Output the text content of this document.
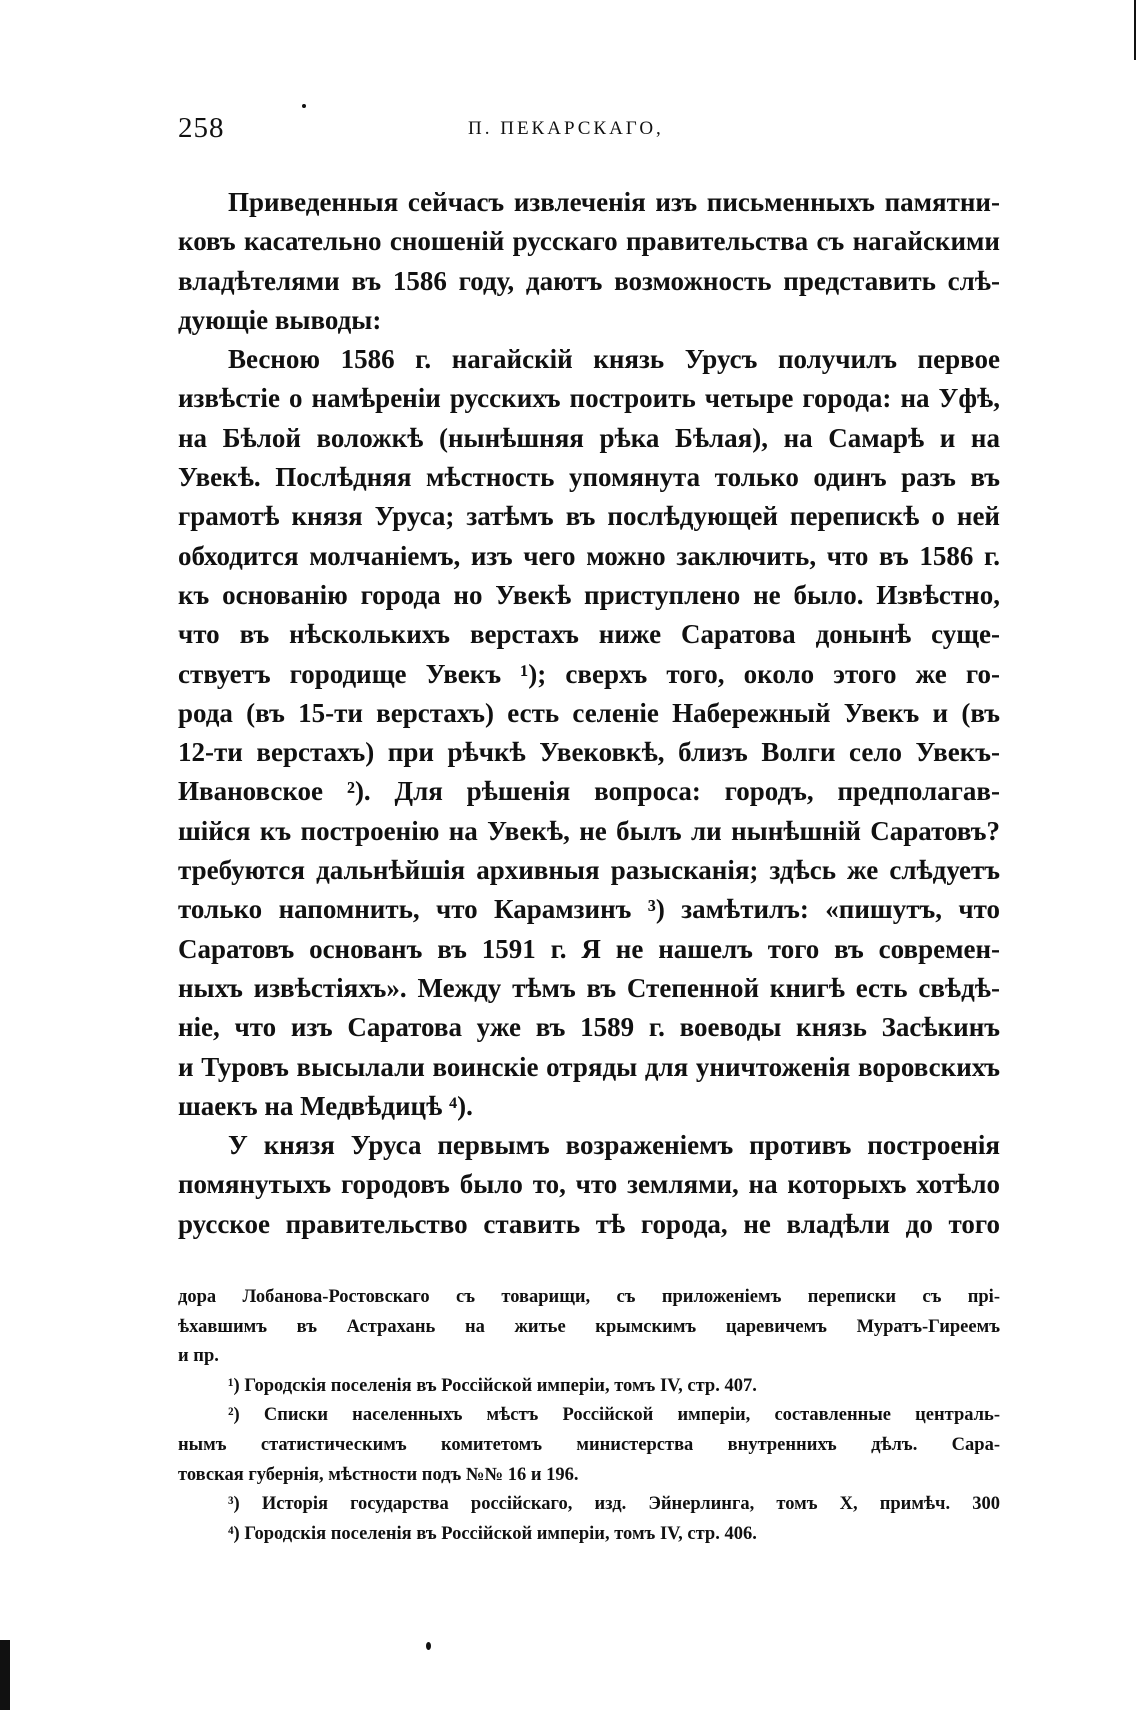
258	П. ПЕКАРСКАГО,
Приведенныя сейчасъ извлеченія изъ письменныхъ памятни-
ковъ касательно сношеній русскаго правительства съ нагайскими
владѣтелями въ 1586 году, даютъ возможность представить слѣ-
дующіе выводы:
Весною 1586 г. нагайскій князь Урусъ получилъ первое
извѣстіе о намѣреніи русскихъ построить четыре города: на Уфѣ,
на Бѣлой воложкѣ (нынѣшняя рѣка Бѣлая), на Самарѣ и на
Увекѣ. Послѣдняя мѣстность упомянута только одинъ разъ въ
грамотѣ князя Уруса; затѣмъ въ послѣдующей перепискѣ о ней
обходится молчаніемъ, изъ чего можно заключить, что въ 1586 г.
къ основанію города но Увекѣ приступлено не было. Извѣстно,
что въ нѣсколькихъ верстахъ ниже Саратова донынѣ суще-
ствуетъ городище Увекъ ¹); сверхъ того, около этого же го-
рода (въ 15-ти верстахъ) есть селеніе Набережный Увекъ и (въ
12-ти верстахъ) при рѣчкѣ Увековкѣ, близъ Волги село Увекъ-
Ивановское ²). Для рѣшенія вопроса: городъ, предполагав-
шійся къ построенію на Увекѣ, не былъ ли нынѣшній Саратовъ?
требуются дальнѣйшія архивныя разысканія; здѣсь же слѣдуетъ
только напомнить, что Карамзинъ ³) замѣтилъ: «пишутъ, что
Саратовъ основанъ въ 1591 г. Я не нашелъ того въ современ-
ныхъ извѣстіяхъ». Между тѣмъ въ Степенной книгѣ есть свѣдѣ-
ніе, что изъ Саратова уже въ 1589 г. воеводы князь Засѣкинъ
и Туровъ высылали воинскіе отряды для уничтоженія воровскихъ
шаекъ на Медвѣдицѣ ⁴).
У князя Уруса первымъ возраженіемъ противъ построенія
помянутыхъ городовъ было то, что землями, на которыхъ хотѣло
русское правительство ставить тѣ города, не владѣли до того
дора Лобанова-Ростовскаго съ товарищи, съ приложеніемъ переписки съ прі-
ѣхавшимъ въ Астрахань на житье крымскимъ царевичемъ Муратъ-Гиреемъ
и пр.
¹) Городскія поселенія въ Россійской имперіи, томъ IV, стр. 407.
²) Списки населенныхъ мѣстъ Россійской имперіи, составленные централь-
нымъ статистическимъ комитетомъ министерства внутреннихъ дѣлъ. Сара-
товская губернія, мѣстности подъ №№ 16 и 196.
³) Исторія государства россійскаго, изд. Эйнерлинга, томъ X, примѣч. 300
⁴) Городскія поселенія въ Россійской имперіи, томъ IV, стр. 406.
